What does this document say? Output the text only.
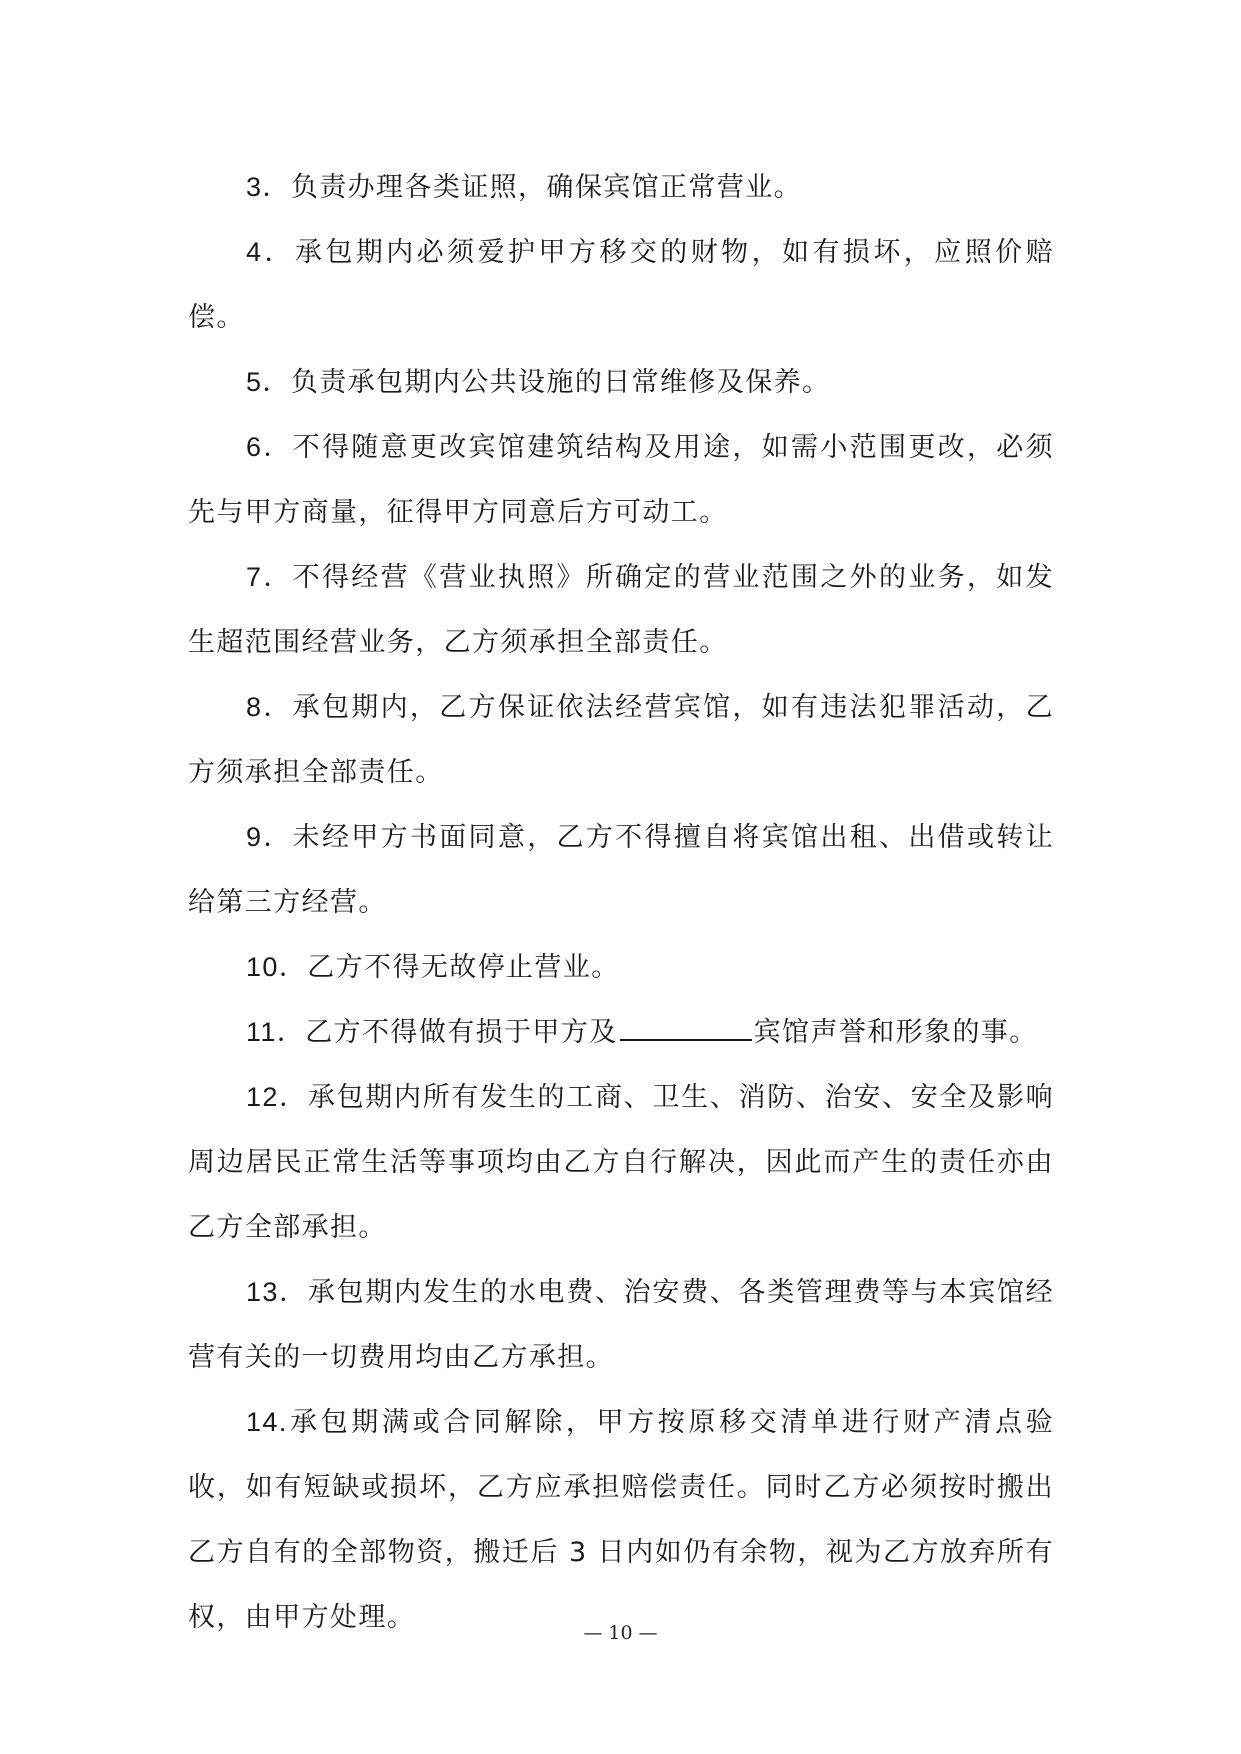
3．负责办理各类证照，确保宾馆正常营业。

4．承包期内必须爱护甲方移交的财物，如有损坏，应照价赔偿。

5．负责承包期内公共设施的日常维修及保养。

6．不得随意更改宾馆建筑结构及用途，如需小范围更改，必须先与甲方商量，征得甲方同意后方可动工。

7．不得经营《营业执照》所确定的营业范围之外的业务，如发生超范围经营业务，乙方须承担全部责任。

8．承包期内，乙方保证依法经营宾馆，如有违法犯罪活动，乙方须承担全部责任。

9．未经甲方书面同意，乙方不得擅自将宾馆出租、出借或转让给第三方经营。

10．乙方不得无故停止营业。

11．乙方不得做有损于甲方及	宾馆声誉和形象的事。

12．承包期内所有发生的工商、卫生、消防、治安、安全及影响周边居民正常生活等事项均由乙方自行解决，因此而产生的责任亦由乙方全部承担。

13．承包期内发生的水电费、治安费、各类管理费等与本宾馆经营有关的一切费用均由乙方承担。

14.承包期满或合同解除，甲方按原移交清单进行财产清点验收，如有短缺或损坏，乙方应承担赔偿责任。同时乙方必须按时搬出乙方自有的全部物资，搬迁后 3 日内如仍有余物，视为乙方放弃所有权，由甲方处理。	— 10 —
